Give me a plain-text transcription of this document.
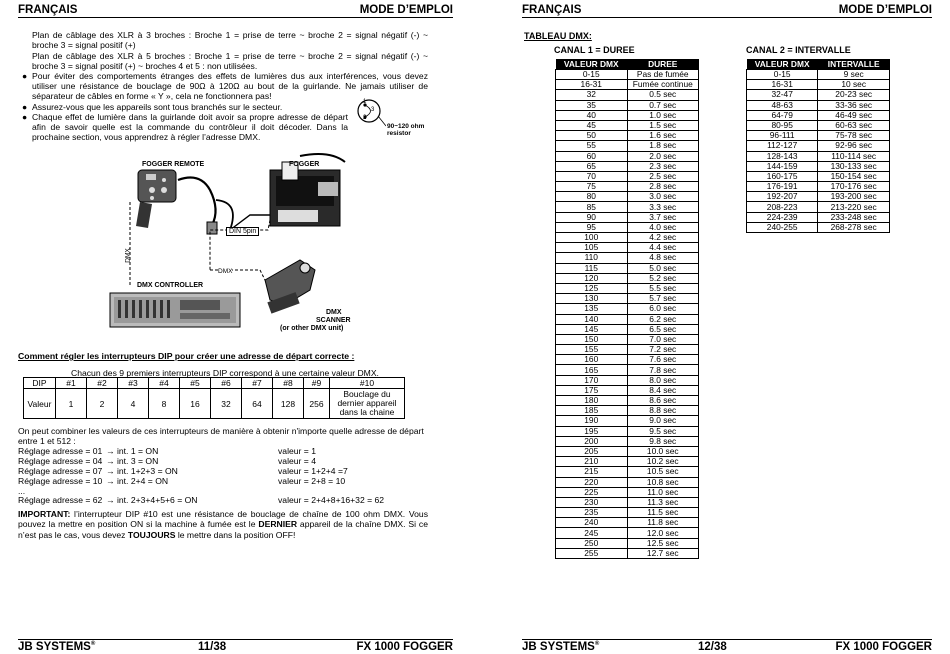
FRANÇAIS	MODE D’EMPLOI
Plan de câblage des XLR à 3 broches : Broche 1 = prise de terre ~ broche 2 = signal négatif (-) ~ broche 3 = signal positif (+)
Plan de câblage des XLR à 5 broches : Broche 1 = prise de terre ~ broche 2 = signal négatif (-) ~ broche 3 = signal positif (+) ~ broches 4 et 5 : non utilisées.
● Pour éviter des comportements étranges des effets de lumières dus aux interférences, vous devez utiliser une résistance de bouclage de 90Ω à 120Ω au bout de la guirlande. Ne jamais utiliser de séparateur de câbles en forme « Y », cela ne fonctionnera pas!
● Assurez-vous que les appareils sont tous branchés sur le secteur.
● Chaque effet de lumière dans la guirlande doit avoir sa propre adresse de départ afin de savoir quelle est la commande du contrôleur il doit décoder. Dans la prochaine section, vous apprendrez à régler l’adresse DMX.
1
3
2
90~120 ohm resistor
FOGGER REMOTE	FOGGER
DIN 5pin
DMX
DMX
DMX CONTROLLER
DMX
SCANNER
(or other DMX unit)
Comment régler les interrupteurs DIP pour créer une adresse de départ correcte :
Chacun des 9 premiers interrupteurs DIP correspond à une certaine valeur DMX.
DIP	#1	#2	#3	#4	#5	#6	#7	#8	#9	#10
Valeur	1	2	4	8	16	32	64	128	256	Bouclage du dernier appareil dans la chaine
On peut combiner les valeurs de ces interrupteurs de manière à obtenir n'importe quelle adresse de départ entre 1 et 512 :
Réglage adresse = 01 → int. 1 = ON	valeur = 1
Réglage adresse = 04 → int. 3 = ON	valeur = 4
Réglage adresse = 07 → int. 1+2+3 = ON	valeur = 1+2+4 =7
Réglage adresse = 10 → int. 2+4 = ON	valeur = 2+8 = 10
...
Réglage adresse = 62 → int. 2+3+4+5+6 = ON	valeur = 2+4+8+16+32 = 62
IMPORTANT: l’interrupteur DIP #10 est une résistance de bouclage de chaîne de 100 ohm DMX. Vous pouvez la mettre en position ON si la machine à fumée est le DERNIER appareil de la chaîne DMX. Si ce n’est pas le cas, vous devez TOUJOURS le mettre dans la position OFF!
JB SYSTEMS®	11/38	FX 1000 FOGGER
FRANÇAIS	MODE D’EMPLOI
TABLEAU DMX:
CANAL 1 = DUREE	CANAL 2 = INTERVALLE
VALEUR DMX	DUREE
0-15	Pas de fumée
16-31	Fumée continue
32	0.5 sec
35	0.7 sec
40	1.0 sec
45	1.5 sec
50	1.6 sec
55	1.8 sec
60	2.0 sec
65	2.3 sec
70	2.5 sec
75	2.8 sec
80	3.0 sec
85	3.3 sec
90	3.7 sec
95	4.0 sec
100	4.2 sec
105	4.4 sec
110	4.8 sec
115	5.0 sec
120	5.2 sec
125	5.5 sec
130	5.7 sec
135	6.0 sec
140	6.2 sec
145	6.5 sec
150	7.0 sec
155	7.2 sec
160	7.6 sec
165	7.8 sec
170	8.0 sec
175	8.4 sec
180	8.6 sec
185	8.8 sec
190	9.0 sec
195	9.5 sec
200	9.8 sec
205	10.0 sec
210	10.2 sec
215	10.5 sec
220	10.8 sec
225	11.0 sec
230	11.3 sec
235	11.5 sec
240	11.8 sec
245	12.0 sec
250	12.5 sec
255	12.7 sec
VALEUR DMX	INTERVALLE
0-15	9 sec
16-31	10 sec
32-47	20-23 sec
48-63	33-36 sec
64-79	46-49 sec
80-95	60-63 sec
96-111	75-78 sec
112-127	92-96 sec
128-143	110-114 sec
144-159	130-133 sec
160-175	150-154 sec
176-191	170-176 sec
192-207	193-200 sec
208-223	213-220 sec
224-239	233-248 sec
240-255	268-278 sec
JB SYSTEMS®	12/38	FX 1000 FOGGER
